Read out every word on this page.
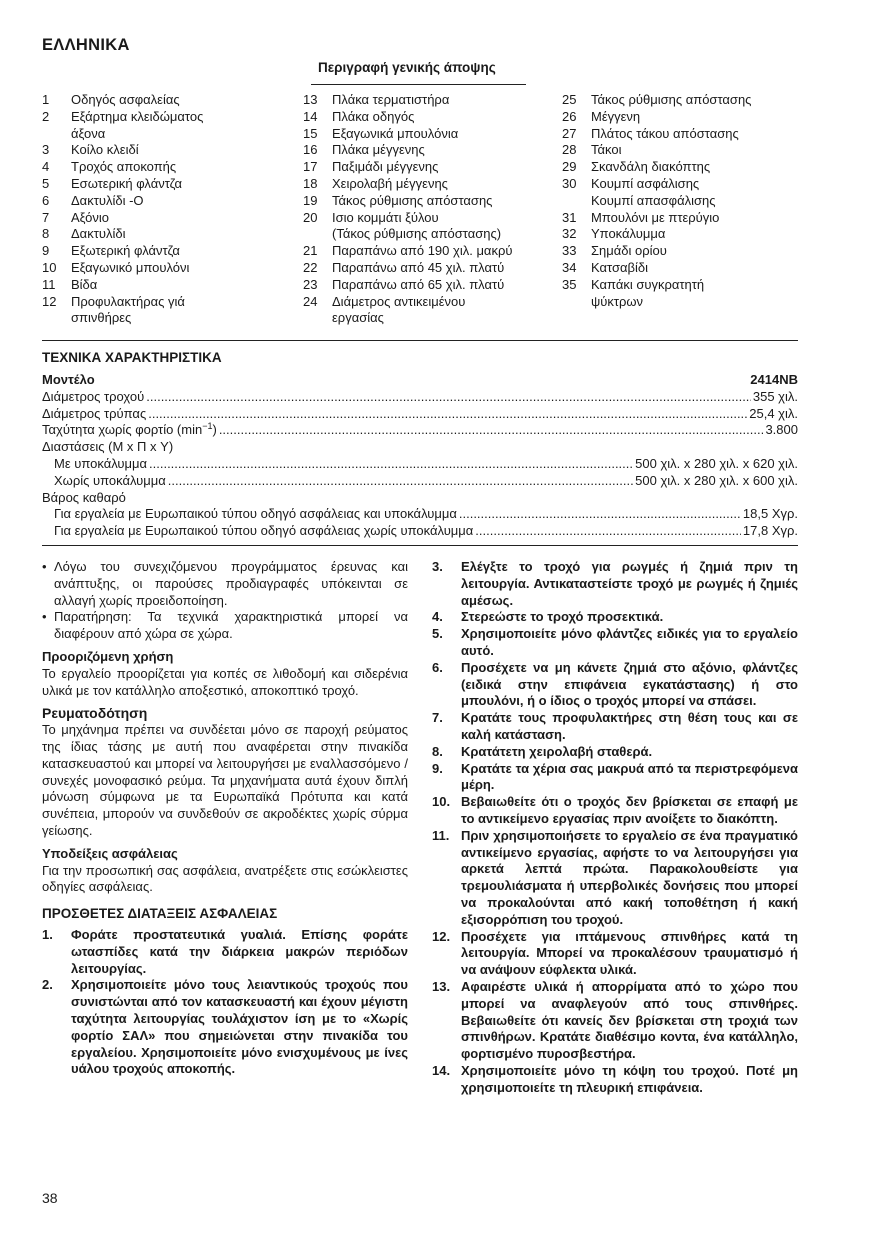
ΕΛΛΗΝΙΚΑ
Περιγραφή γενικής άποψης
1	Οδηγός ασφαλείας
2	Εξάρτημα κλειδώματος
άξονα
3	Κοίλο κλειδί
4	Τροχός αποκοπής
5	Εσωτερική φλάντζα
6	Δακτυλίδι -Ο
7	Αξόνιο
8	Δακτυλίδι
9	Εξωτερική φλάντζα
10	Εξαγωνικό μπουλόνι
11	Βίδα
12	Προφυλακτήρας γιά
σπινθήρες
13	Πλάκα τερματιστήρα
14	Πλάκα οδηγός
15	Εξαγωνικά μπουλόνια
16	Πλάκα μέγγενης
17	Παξιμάδι μέγγενης
18	Χειρολαβή μέγγενης
19	Τάκος ρύθμισης απόστασης
20	Ισιο κομμάτι ξύλου
(Τάκος ρύθμισης απόστασης)
21	Παραπάνω από 190 χιλ. μακρύ
22	Παραπάνω από 45 χιλ. πλατύ
23	Παραπάνω από 65 χιλ. πλατύ
24	Διάμετρος αντικειμένου
εργασίας
25	Τάκος ρύθμισης απόστασης
26	Μέγγενη
27	Πλάτος τάκου απόστασης
28	Τάκοι
29	Σκανδάλη διακόπτης
30	Κουμπί ασφάλισης
Κουμπί απασφάλισης
31	Μπουλόνι με πτερύγιο
32	Υποκάλυμμα
33	Σημάδι ορίου
34	Κατσαβίδι
35	Καπάκι συγκρατητή
ψύκτρων
ΤΕΧΝΙΚΑ ΧΑΡΑΚΤΗΡΙΣΤΙΚΑ
Μοντέλο	2414NB
Διάμετρος τροχού .....	355 χιλ.
Διάμετρος τρύπας .....	25,4 χιλ.
Ταχύτητα χωρίς φορτίο $(\min^{-1})$ .....	3.800
Διαστάσεις (Μ x Π x Υ)
Με υποκάλυμμα .....	500 χιλ. x 280 χιλ. x 620 χιλ.
Χωρίς υποκάλυμμα .....	500 χιλ. x 280 χιλ. x 600 χιλ.
Βάρος καθαρό
Για εργαλεία με Ευρωπαικού τύπου οδηγό ασφάλειας και υποκάλυμμα .....	18,5 Χγρ.
Για εργαλεία με Ευρωπαικού τύπου οδηγό ασφάλειας χωρίς υποκάλυμμα .....	17,8 Χγρ.
• Λόγω του συνεχιζόμενου προγράμματος έρευνας και ανάπτυξης, οι παρούσες προδιαγραφές υπόκεινται σε αλλαγή χωρίς προειδοποίηση.
• Παρατήρηση: Τα τεχνικά χαρακτηριστικά μπορεί να διαφέρουν από χώρα σε χώρα.
Προοριζόμενη χρήση
Το εργαλείο προορίζεται για κοπές σε λιθοδομή και σιδερένια υλικά με τον κατάλληλο αποξεστικό, αποκοπτικό τροχό.
Ρευματοδότηση
Το μηχάνημα πρέπει να συνδέεται μόνο σε παροχή ρεύματος της ίδιας τάσης με αυτή που αναφέρεται στην πινακίδα κατασκευαστού και μπορεί να λειτουργήσει με εναλλασσόμενο /συνεχές μονοφασικό ρεύμα. Τα μηχανήματα αυτά έχουν διπλή μόνωση σύμφωνα με τα Ευρωπαϊκά Πρότυπα και κατά συνέπεια, μπορούν να συνδεθούν σε ακροδέκτες χωρίς σύρμα γείωσης.
Υποδείξεις ασφάλειας
Για την προσωπική σας ασφάλεια, ανατρέξετε στις εσώκλειστες οδηγίες ασφάλειας.
ΠΡΟΣΘΕΤΕΣ ΔΙΑΤΑΞΕΙΣ ΑΣΦΑΛΕΙΑΣ
1.	Φοράτε προστατευτικά γυαλιά. Επίσης φοράτε ωτασπίδες κατά την διάρκεια μακρών περιόδων λειτουργίας.
2.	Χρησιμοποιείτε μόνο τους λειαντικούς τροχούς που συνιστώνται από τον κατασκευαστή και έχουν μέγιστη ταχύτητα λειτουργίας τουλάχιστον ίση με το «Χωρίς φορτίο ΣΑΛ» που σημειώνεται στην πινακίδα του εργαλείου. Χρησιμοποιείτε μόνο ενισχυμένους με ίνες υάλου τροχούς αποκοπής.
3.	Ελέγξτε το τροχό για ρωγμές ή ζημιά πριν τη λειτουργία. Αντικαταστείστε τροχό με ρωγμές ή ζημιές αμέσως.
4.	Στερεώστε το τροχό προσεκτικά.
5.	Χρησιμοποιείτε μόνο φλάντζες ειδικές για το εργαλείο αυτό.
6.	Προσέχετε να μη κάνετε ζημιά στο αξόνιο, φλάντζες (ειδικά στην επιφάνεια εγκατάστασης) ή στο μπουλόνι, ή ο ίδιος ο τροχός μπορεί να σπάσει.
7.	Κρατάτε τους προφυλακτήρες στη θέση τους και σε καλή κατάσταση.
8.	Κρατάτετη χειρολαβή σταθερά.
9.	Κρατάτε τα χέρια σας μακρυά από τα περιστρεφόμενα μέρη.
10. Βεβαιωθείτε ότι ο τροχός δεν βρίσκεται σε επαφή με το αντικείμενο εργασίας πριν ανοίξετε το διακόπτη.
11. Πριν χρησιμοποιήσετε το εργαλείο σε ένα πραγματικό αντικείμενο εργασίας, αφήστε το να λειτουργήσει για αρκετά λεπτά πρώτα. Παρακολουθείστε για τρεμουλιάσματα ή υπερβολικές δονήσεις που μπορεί να προκαλούνται από κακή τοποθέτηση ή κακή εξισορρόπιση του τροχού.
12. Προσέχετε για ιπτάμενους σπινθήρες κατά τη λειτουργία. Μπορεί να προκαλέσουν τραυματισμό ή να ανάψουν εύφλεκτα υλικά.
13. Αφαιρέστε υλικά ή απορρίματα από το χώρο που μπορεί να αναφλεγούν από τους σπινθήρες. Βεβαιωθείτε ότι κανείς δεν βρίσκεται στη τροχιά των σπινθήρων. Κρατάτε διαθέσιμο κοντα, ένα κατάλληλο, φορτισμένο πυροσβεστήρα.
14. Χρησιμοποιείτε μόνο τη κόψη του τροχού. Ποτέ μη χρησιμοποιείτε τη πλευρική επιφάνεια.
38
